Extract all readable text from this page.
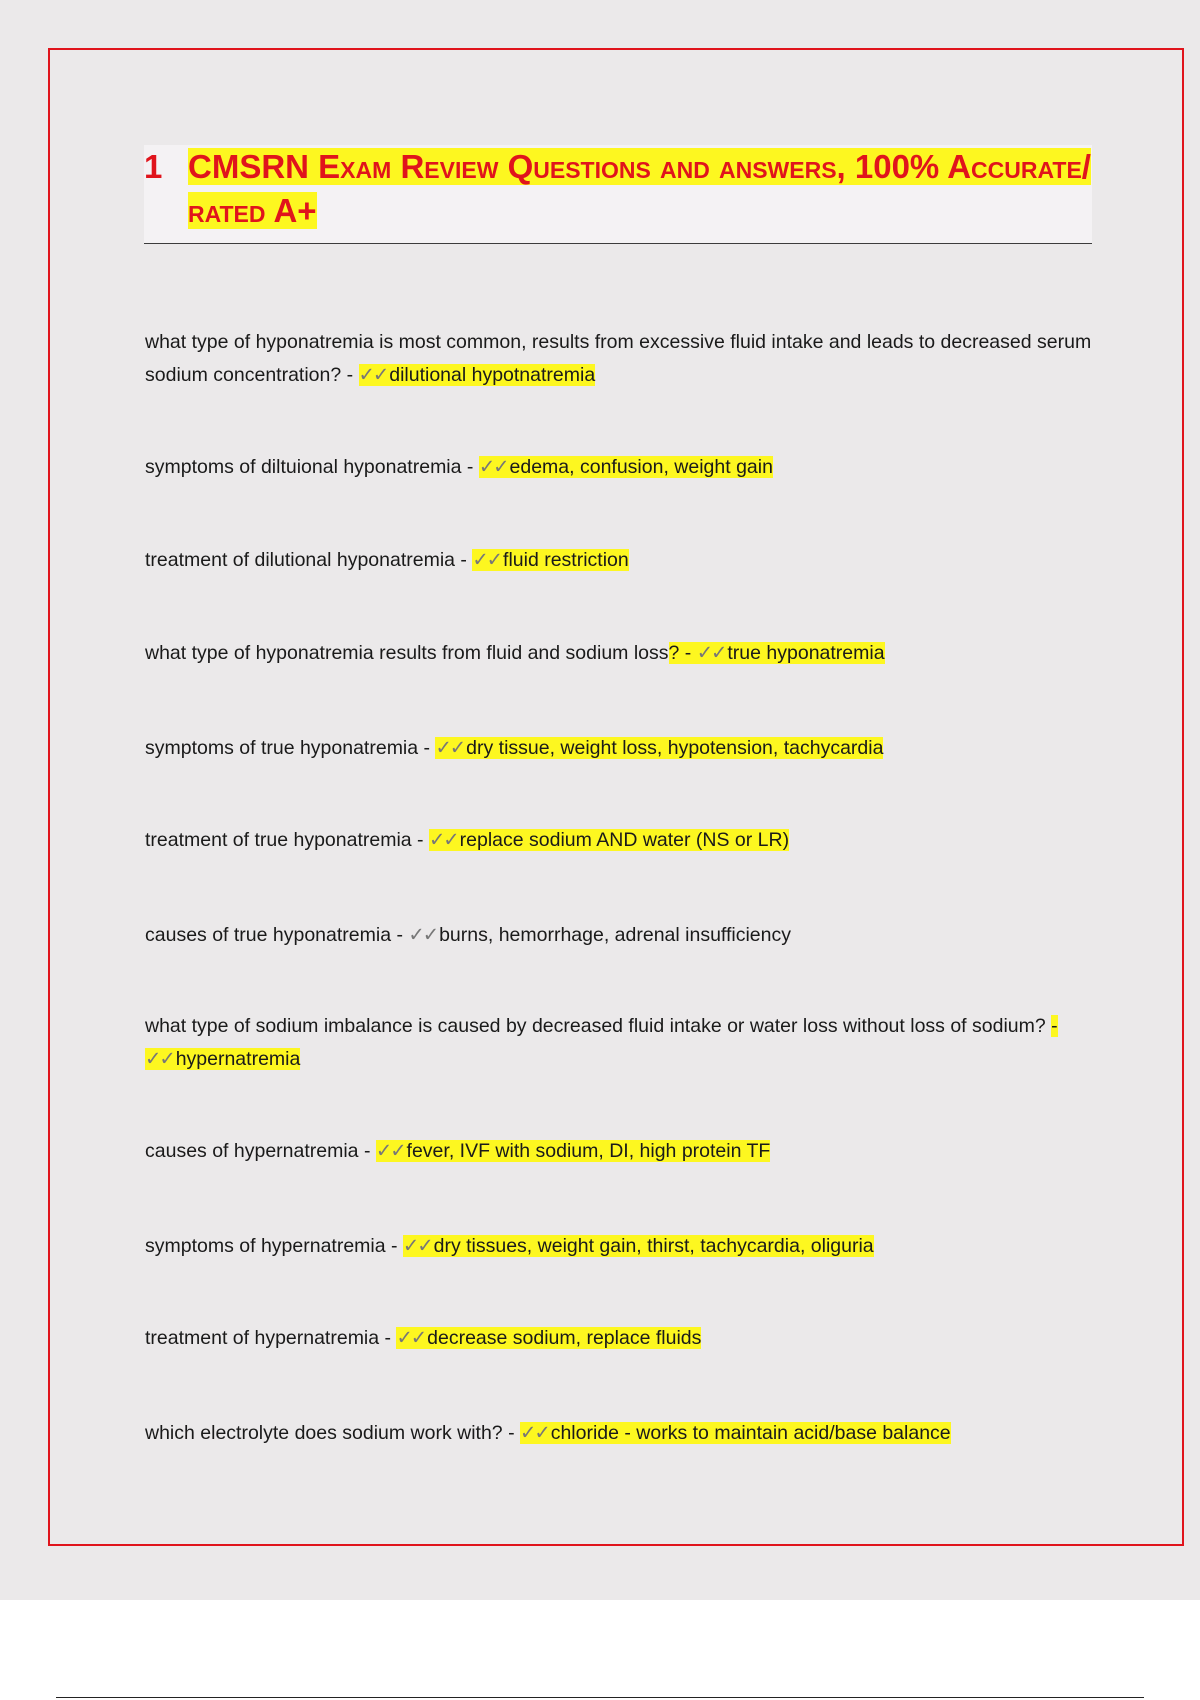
1 CMSRN Exam Review Questions and answers, 100% Accurate/ rated A+
what type of hyponatremia is most common, results from excessive fluid intake and leads to decreased serum sodium concentration? - ✓✓ dilutional hypotnatremia
symptoms of diltuional hyponatremia - ✓✓ edema, confusion, weight gain
treatment of dilutional hyponatremia - ✓✓ fluid restriction
what type of hyponatremia results from fluid and sodium loss? - ✓✓ true hyponatremia
symptoms of true hyponatremia - ✓✓ dry tissue, weight loss, hypotension, tachycardia
treatment of true hyponatremia - ✓✓ replace sodium AND water (NS or LR)
causes of true hyponatremia - ✓✓ burns, hemorrhage, adrenal insufficiency
what type of sodium imbalance is caused by decreased fluid intake or water loss without loss of sodium? - ✓✓ hypernatremia
causes of hypernatremia - ✓✓ fever, IVF with sodium, DI, high protein TF
symptoms of hypernatremia - ✓✓ dry tissues, weight gain, thirst, tachycardia, oliguria
treatment of hypernatremia - ✓✓ decrease sodium, replace fluids
which electrolyte does sodium work with? - ✓✓ chloride - works to maintain acid/base balance
